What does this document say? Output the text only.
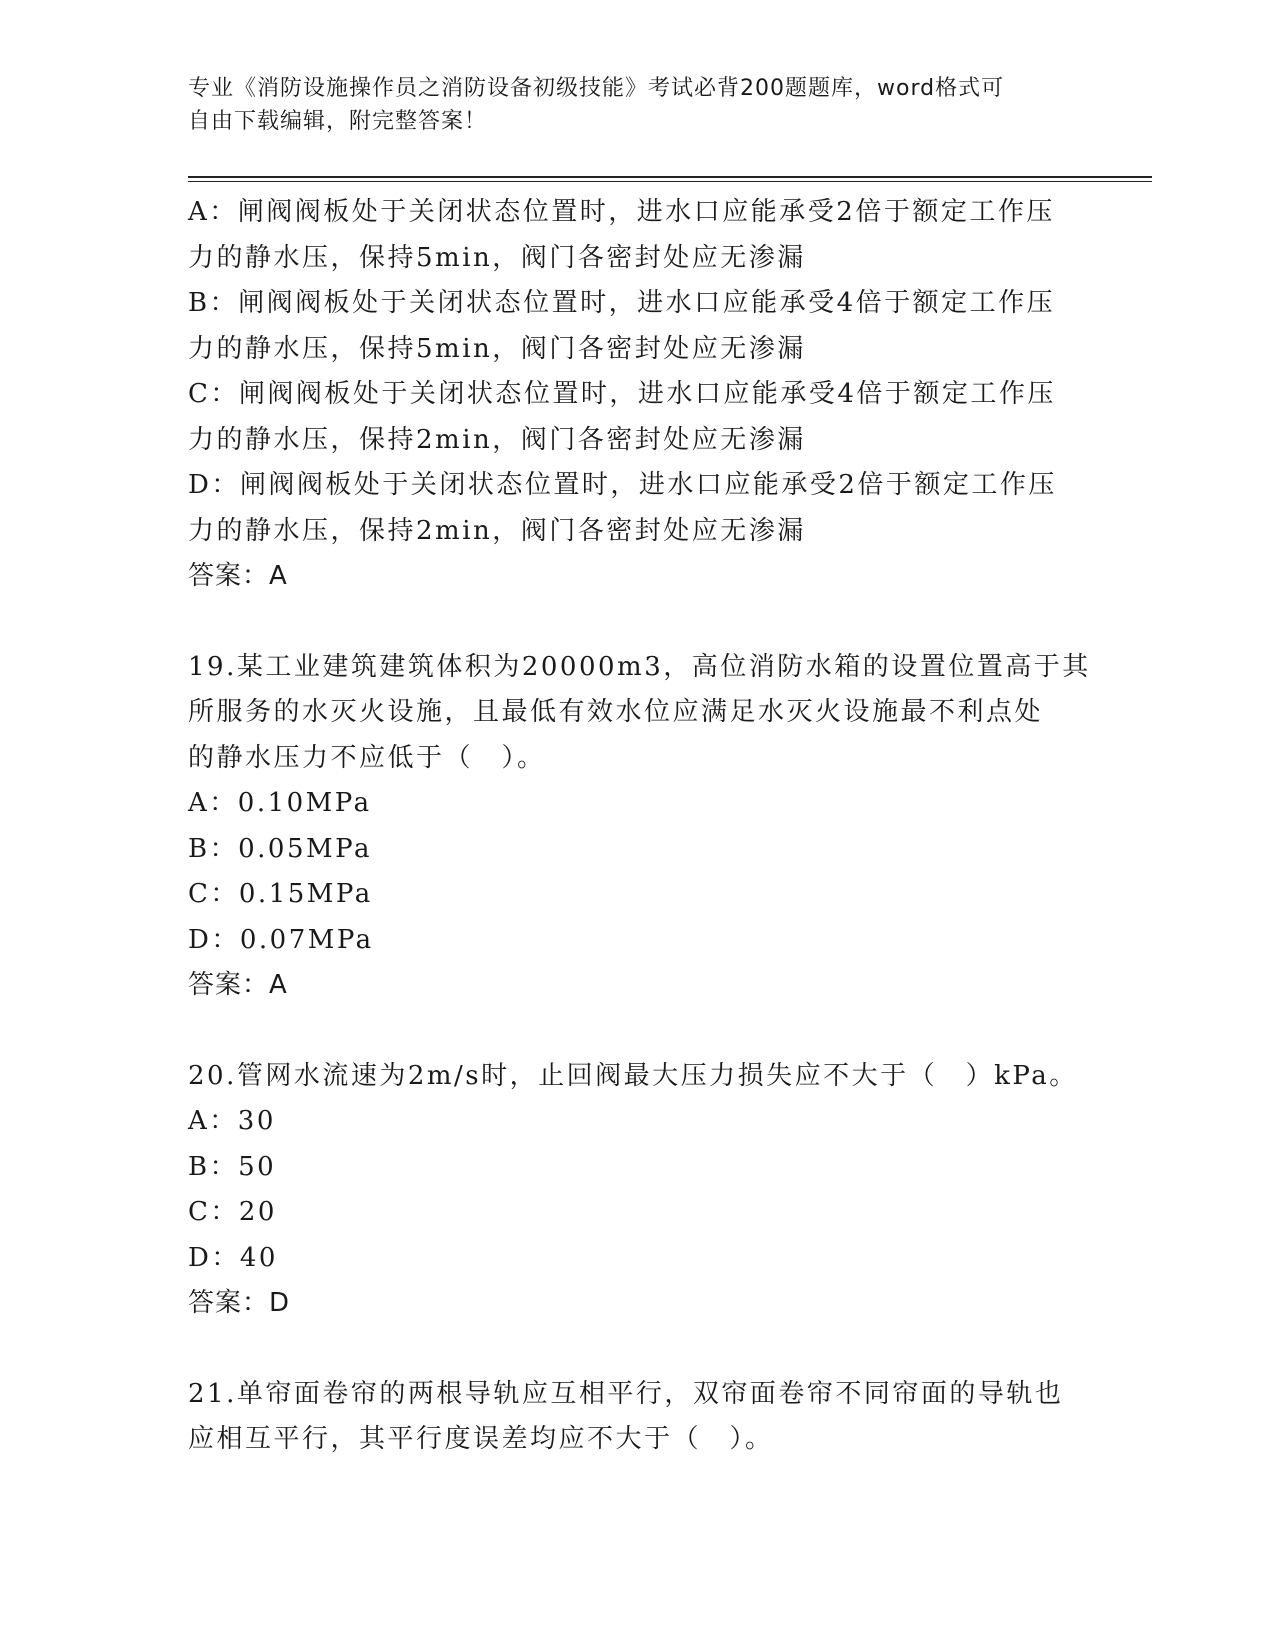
专业《消防设施操作员之消防设备初级技能》考试必背200题题库，word格式可
自由下载编辑，附完整答案！
A：闸阀阀板处于关闭状态位置时，进水口应能承受2倍于额定工作压
力的静水压，保持5min，阀门各密封处应无渗漏
B：闸阀阀板处于关闭状态位置时，进水口应能承受4倍于额定工作压
力的静水压，保持5min，阀门各密封处应无渗漏
C：闸阀阀板处于关闭状态位置时，进水口应能承受4倍于额定工作压
力的静水压，保持2min，阀门各密封处应无渗漏
D：闸阀阀板处于关闭状态位置时，进水口应能承受2倍于额定工作压
力的静水压，保持2min，阀门各密封处应无渗漏
答案：A
19.某工业建筑建筑体积为20000m3，高位消防水箱的设置位置高于其
所服务的水灭火设施，且最低有效水位应满足水灭火设施最不利点处
的静水压力不应低于（　）。
A：0.10MPa
B：0.05MPa
C：0.15MPa
D：0.07MPa
答案：A
20.管网水流速为2m/s时，止回阀最大压力损失应不大于（　）kPa。
A：30
B：50
C：20
D：40
答案：D
21.单帘面卷帘的两根导轨应互相平行，双帘面卷帘不同帘面的导轨也
应相互平行，其平行度误差均应不大于（　）。
